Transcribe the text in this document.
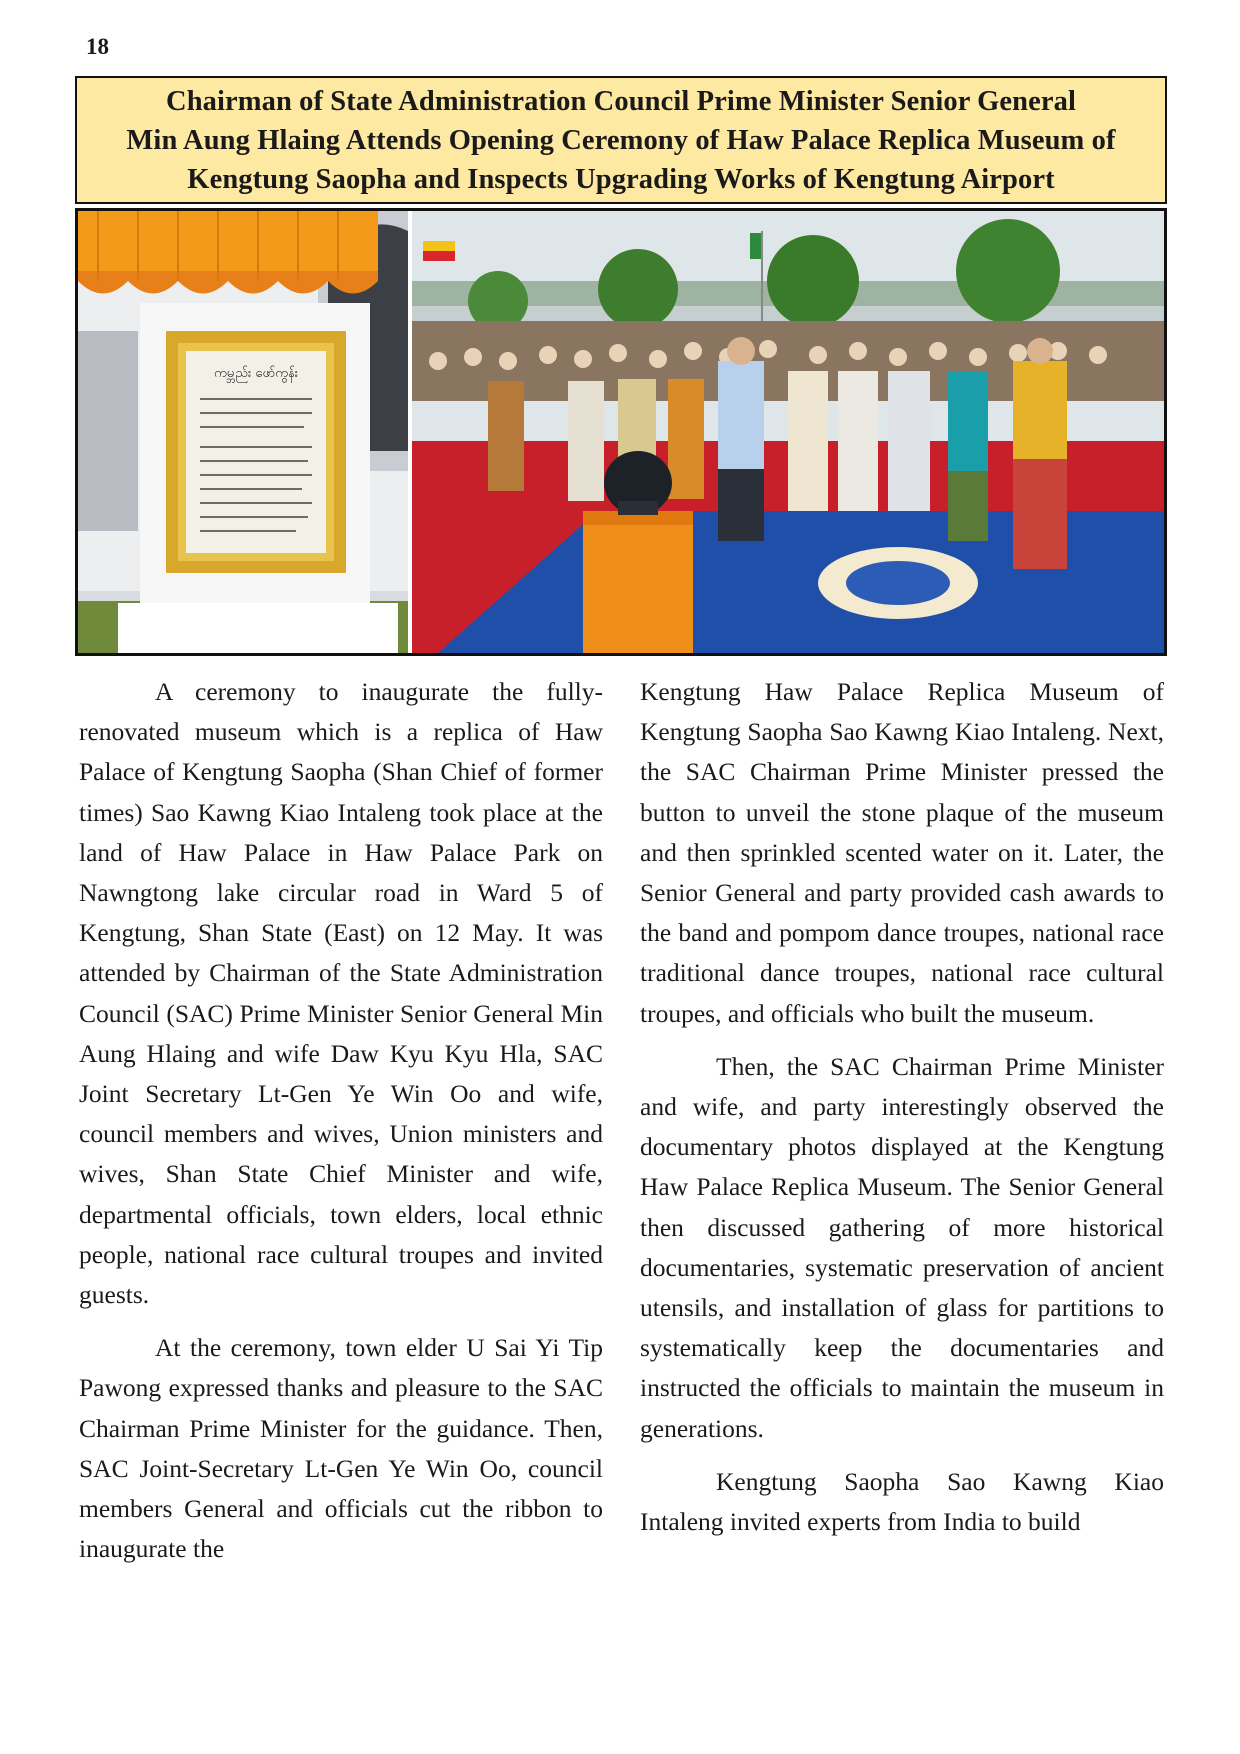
18
Chairman of State Administration Council Prime Minister Senior General
Min Aung Hlaing Attends Opening Ceremony of Haw Palace Replica Museum of
Kengtung Saopha and Inspects Upgrading Works of Kengtung Airport
ကမ္ဘည်း ဖော်ကွန်း

A ceremony to inaugurate the fully-renovated museum which is a replica of Haw Palace of Kengtung Saopha (Shan Chief of former times) Sao Kawng Kiao Intaleng took place at the land of Haw Palace in Haw Palace Park on Nawngtong lake circular road in Ward 5 of Kengtung, Shan State (East) on 12 May. It was attended by Chairman of the State Administration Council (SAC) Prime Minister Senior General Min Aung Hlaing and wife Daw Kyu Kyu Hla, SAC Joint Secretary Lt-Gen Ye Win Oo and wife, council members and wives, Union ministers and wives, Shan State Chief Minister and wife, departmental officials, town elders, local ethnic people, national race cultural troupes and invited guests.

At the ceremony, town elder U Sai Yi Tip Pawong expressed thanks and pleasure to the SAC Chairman Prime Minister for the guidance. Then, SAC Joint-Secretary Lt-Gen Ye Win Oo, council members General and officials cut the ribbon to inaugurate the

Kengtung Haw Palace Replica Museum of Kengtung Saopha Sao Kawng Kiao Intaleng. Next, the SAC Chairman Prime Minister pressed the button to unveil the stone plaque of the museum and then sprinkled scented water on it. Later, the Senior General and party provided cash awards to the band and pompom dance troupes, national race traditional dance troupes, national race cultural troupes, and officials who built the museum.

Then, the SAC Chairman Prime Minister and wife, and party interestingly observed the documentary photos displayed at the Kengtung Haw Palace Replica Museum. The Senior General then discussed gathering of more historical documentaries, systematic preservation of ancient utensils, and installation of glass for partitions to systematically keep the documentaries and instructed the officials to maintain the museum in generations.

Kengtung Saopha Sao Kawng Kiao Intaleng invited experts from India to build
